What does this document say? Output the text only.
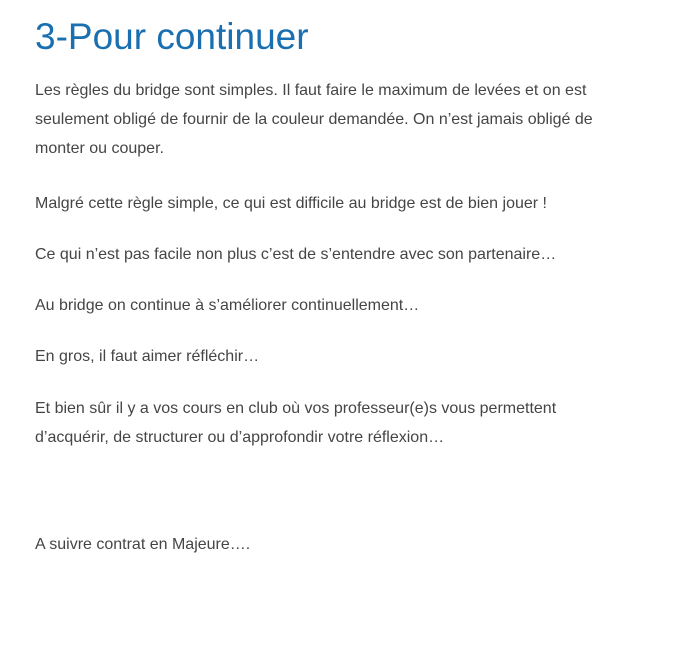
3-Pour continuer

Les règles du bridge sont simples. Il faut faire le maximum de levées et on est
seulement obligé de fournir de la couleur demandée. On n’est jamais obligé de
monter ou couper.

Malgré cette règle simple, ce qui est difficile au bridge est de bien jouer !

Ce qui n’est pas facile non plus c’est de s’entendre avec son partenaire…

Au bridge on continue à s’améliorer continuellement…

En gros, il faut aimer réfléchir…

Et bien sûr il y a vos cours en club où vos professeur(e)s vous permettent
d’acquérir, de structurer ou d’approfondir votre réflexion…

A suivre contrat en Majeure….
